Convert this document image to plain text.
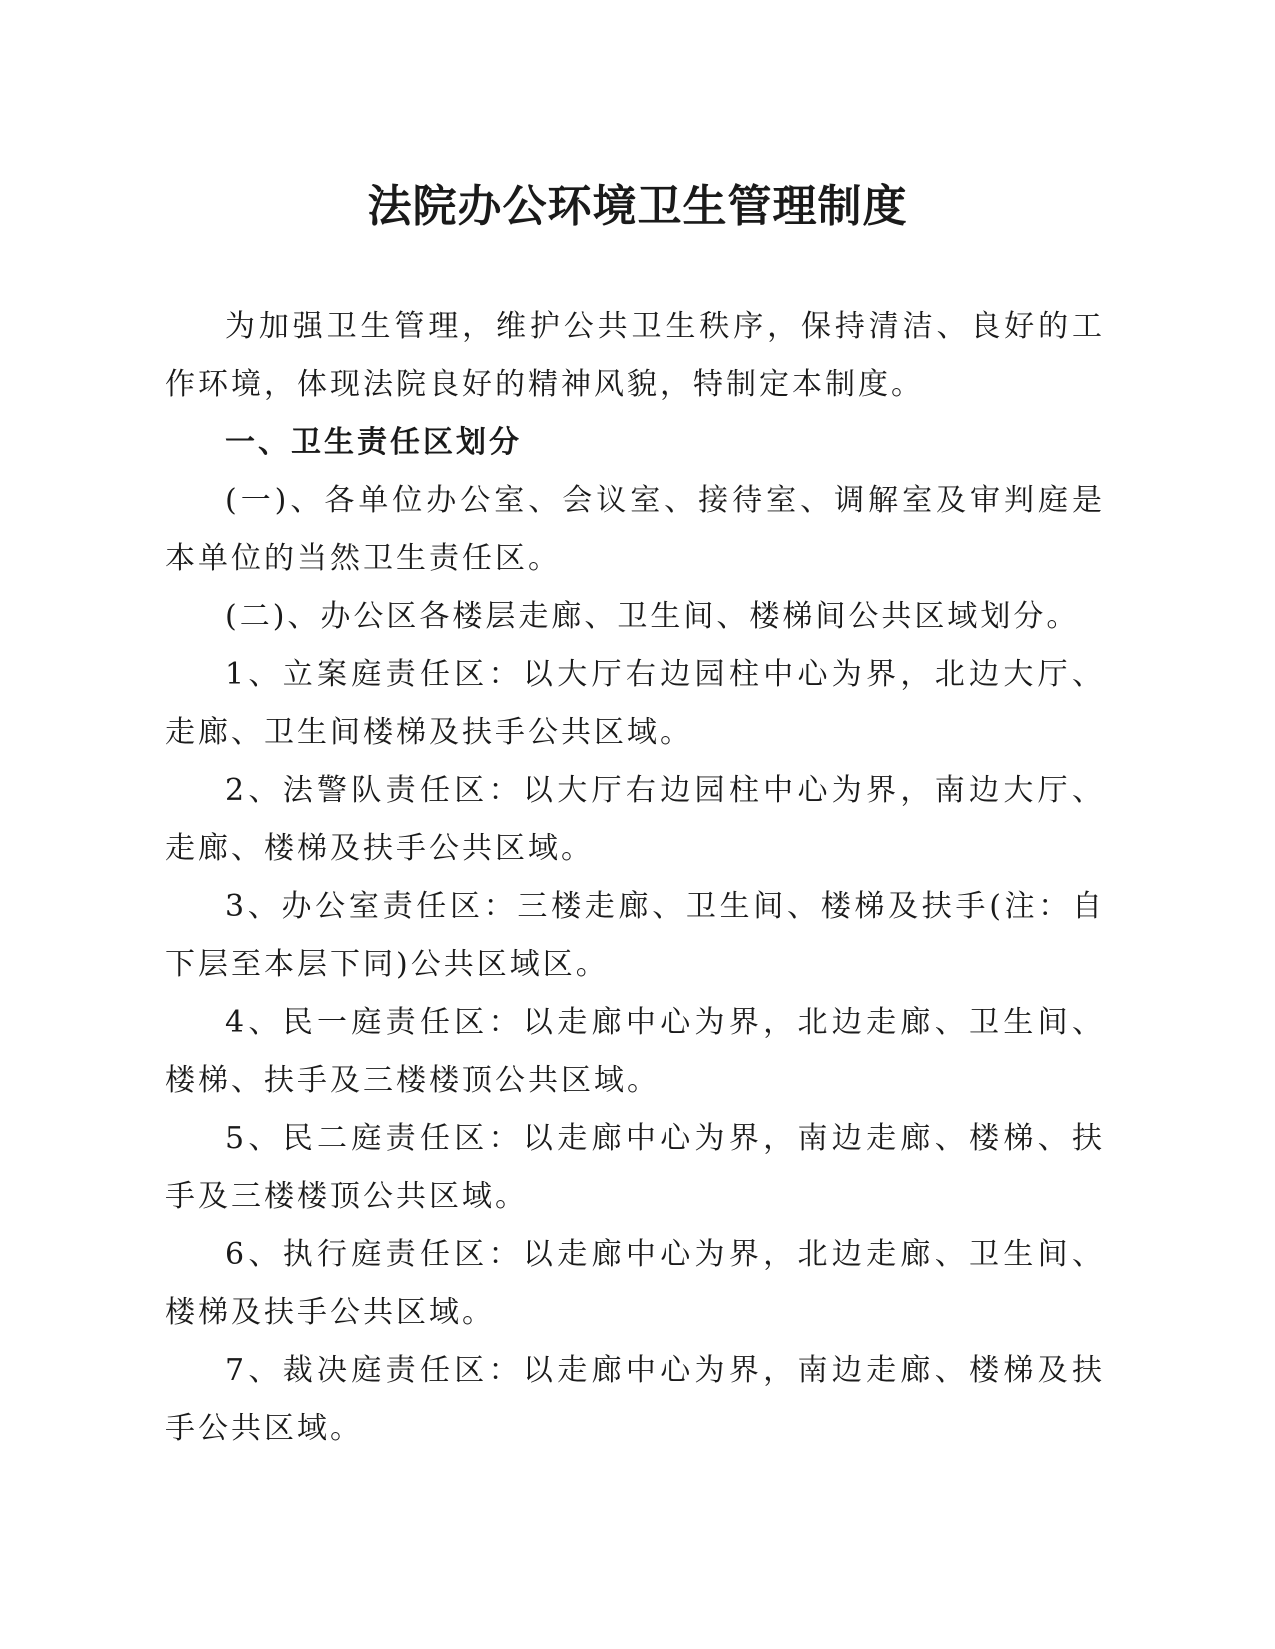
法院办公环境卫生管理制度

为加强卫生管理，维护公共卫生秩序，保持清洁、良好的工作环境，体现法院良好的精神风貌，特制定本制度。

一、卫生责任区划分

(一)、各单位办公室、会议室、接待室、调解室及审判庭是本单位的当然卫生责任区。

(二)、办公区各楼层走廊、卫生间、楼梯间公共区域划分。

1、立案庭责任区：以大厅右边园柱中心为界，北边大厅、走廊、卫生间楼梯及扶手公共区域。

2、法警队责任区：以大厅右边园柱中心为界，南边大厅、走廊、楼梯及扶手公共区域。

3、办公室责任区：三楼走廊、卫生间、楼梯及扶手(注：自下层至本层下同)公共区域区。

4、民一庭责任区：以走廊中心为界，北边走廊、卫生间、楼梯、扶手及三楼楼顶公共区域。

5、民二庭责任区：以走廊中心为界，南边走廊、楼梯、扶手及三楼楼顶公共区域。

6、执行庭责任区：以走廊中心为界，北边走廊、卫生间、楼梯及扶手公共区域。

7、裁决庭责任区：以走廊中心为界，南边走廊、楼梯及扶手公共区域。
